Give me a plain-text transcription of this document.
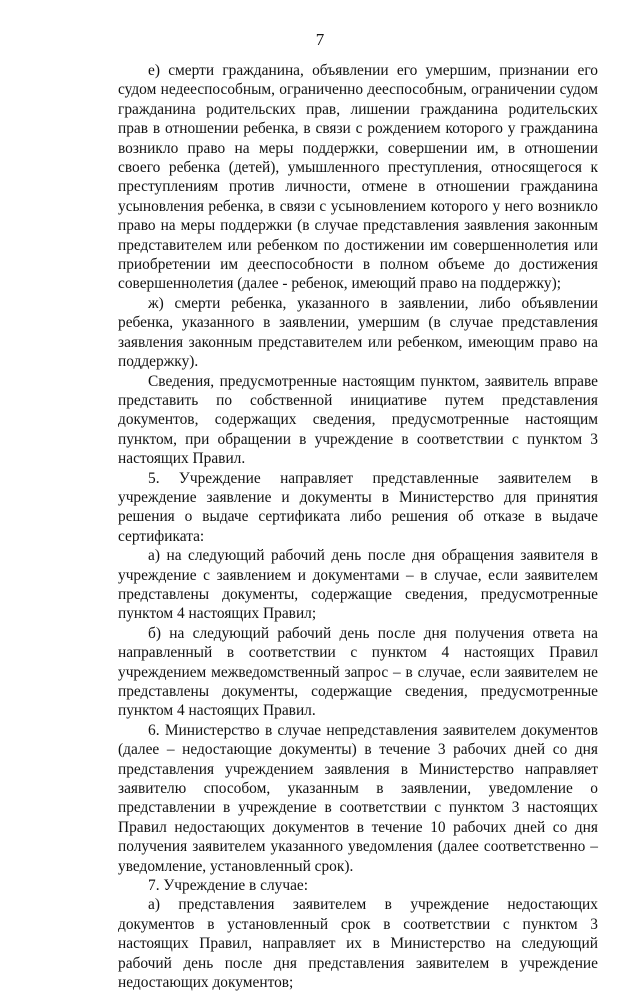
7

е) смерти гражданина, объявлении его умершим, признании его судом недееспособным, ограниченно дееспособным, ограничении судом гражданина родительских прав, лишении гражданина родительских прав в отношении ребенка, в связи с рождением которого у гражданина возникло право на меры поддержки, совершении им, в отношении своего ребенка (детей), умышленного преступления, относящегося к преступлениям против личности, отмене в отношении гражданина усыновления ребенка, в связи с усыновлением которого у него возникло право на меры поддержки (в случае представления заявления законным представителем или ребенком по достижении им совершеннолетия или приобретении им дееспособности в полном объеме до достижения совершеннолетия (далее - ребенок, имеющий право на поддержку);

ж) смерти ребенка, указанного в заявлении, либо объявлении ребенка, указанного в заявлении, умершим (в случае представления заявления законным представителем или ребенком, имеющим право на поддержку).

Сведения, предусмотренные настоящим пунктом, заявитель вправе представить по собственной инициативе путем представления документов, содержащих сведения, предусмотренные настоящим пунктом, при обращении в учреждение в соответствии с пунктом 3 настоящих Правил.

5. Учреждение направляет представленные заявителем в учреждение заявление и документы в Министерство для принятия решения о выдаче сертификата либо решения об отказе в выдаче сертификата:

а) на следующий рабочий день после дня обращения заявителя в учреждение с заявлением и документами – в случае, если заявителем представлены документы, содержащие сведения, предусмотренные пунктом 4 настоящих Правил;

б) на следующий рабочий день после дня получения ответа на направленный в соответствии с пунктом 4 настоящих Правил учреждением межведомственный запрос – в случае, если заявителем не представлены документы, содержащие сведения, предусмотренные пунктом 4 настоящих Правил.

6. Министерство в случае непредставления заявителем документов (далее – недостающие документы) в течение 3 рабочих дней со дня представления учреждением заявления в Министерство направляет заявителю способом, указанным в заявлении, уведомление о представлении в учреждение в соответствии с пунктом 3 настоящих Правил недостающих документов в течение 10 рабочих дней со дня получения заявителем указанного уведомления (далее соответственно – уведомление, установленный срок).

7. Учреждение в случае:

а) представления заявителем в учреждение недостающих документов в установленный срок в соответствии с пунктом 3 настоящих Правил, направляет их в Министерство на следующий рабочий день после дня представления заявителем в учреждение недостающих документов;
